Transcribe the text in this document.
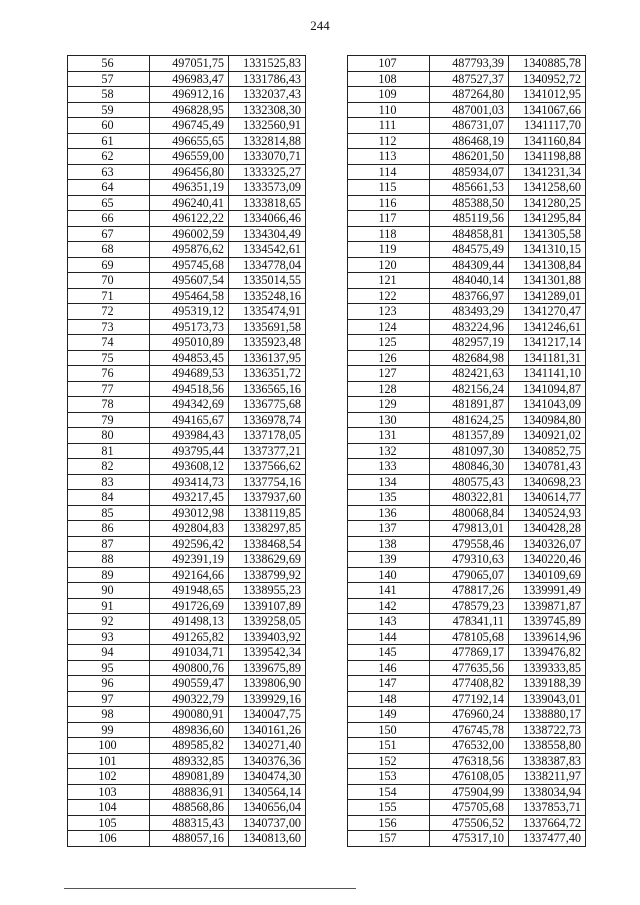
244
56	497051,75	1331525,83
57	496983,47	1331786,43
58	496912,16	1332037,43
59	496828,95	1332308,30
60	496745,49	1332560,91
61	496655,65	1332814,88
62	496559,00	1333070,71
63	496456,80	1333325,27
64	496351,19	1333573,09
65	496240,41	1333818,65
66	496122,22	1334066,46
67	496002,59	1334304,49
68	495876,62	1334542,61
69	495745,68	1334778,04
70	495607,54	1335014,55
71	495464,58	1335248,16
72	495319,12	1335474,91
73	495173,73	1335691,58
74	495010,89	1335923,48
75	494853,45	1336137,95
76	494689,53	1336351,72
77	494518,56	1336565,16
78	494342,69	1336775,68
79	494165,67	1336978,74
80	493984,43	1337178,05
81	493795,44	1337377,21
82	493608,12	1337566,62
83	493414,73	1337754,16
84	493217,45	1337937,60
85	493012,98	1338119,85
86	492804,83	1338297,85
87	492596,42	1338468,54
88	492391,19	1338629,69
89	492164,66	1338799,92
90	491948,65	1338955,23
91	491726,69	1339107,89
92	491498,13	1339258,05
93	491265,82	1339403,92
94	491034,71	1339542,34
95	490800,76	1339675,89
96	490559,47	1339806,90
97	490322,79	1339929,16
98	490080,91	1340047,75
99	489836,60	1340161,26
100	489585,82	1340271,40
101	489332,85	1340376,36
102	489081,89	1340474,30
103	488836,91	1340564,14
104	488568,86	1340656,04
105	488315,43	1340737,00
106	488057,16	1340813,60
107	487793,39	1340885,78
108	487527,37	1340952,72
109	487264,80	1341012,95
110	487001,03	1341067,66
111	486731,07	1341117,70
112	486468,19	1341160,84
113	486201,50	1341198,88
114	485934,07	1341231,34
115	485661,53	1341258,60
116	485388,50	1341280,25
117	485119,56	1341295,84
118	484858,81	1341305,58
119	484575,49	1341310,15
120	484309,44	1341308,84
121	484040,14	1341301,88
122	483766,97	1341289,01
123	483493,29	1341270,47
124	483224,96	1341246,61
125	482957,19	1341217,14
126	482684,98	1341181,31
127	482421,63	1341141,10
128	482156,24	1341094,87
129	481891,87	1341043,09
130	481624,25	1340984,80
131	481357,89	1340921,02
132	481097,30	1340852,75
133	480846,30	1340781,43
134	480575,43	1340698,23
135	480322,81	1340614,77
136	480068,84	1340524,93
137	479813,01	1340428,28
138	479558,46	1340326,07
139	479310,63	1340220,46
140	479065,07	1340109,69
141	478817,26	1339991,49
142	478579,23	1339871,87
143	478341,11	1339745,89
144	478105,68	1339614,96
145	477869,17	1339476,82
146	477635,56	1339333,85
147	477408,82	1339188,39
148	477192,14	1339043,01
149	476960,24	1338880,17
150	476745,78	1338722,73
151	476532,00	1338558,80
152	476318,56	1338387,83
153	476108,05	1338211,97
154	475904,99	1338034,94
155	475705,68	1337853,71
156	475506,52	1337664,72
157	475317,10	1337477,40
